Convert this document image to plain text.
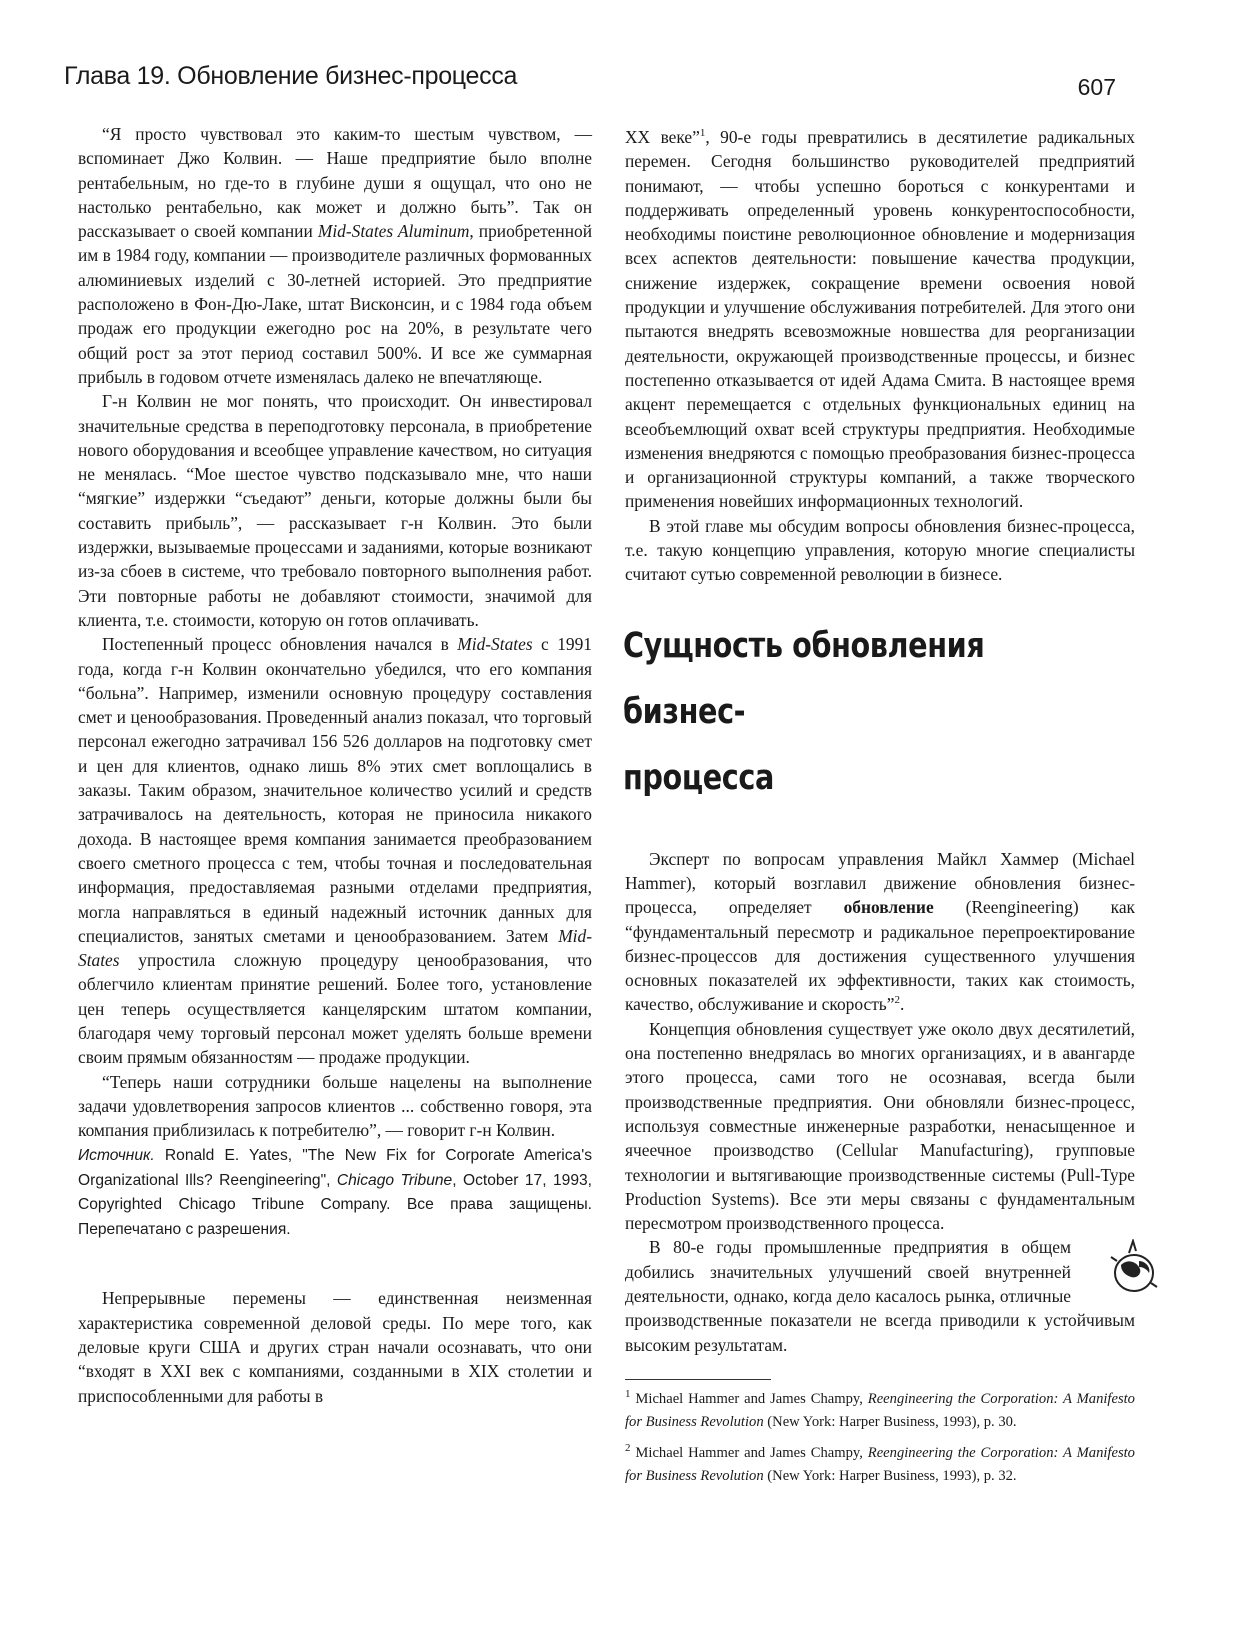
Глава 19. Обновление бизнес-процесса	607

“Я просто чувствовал это каким-то шестым чувством, — вспоминает Джо Колвин. — Наше предприятие было вполне рентабельным, но где-то в глубине души я ощущал, что оно не настолько рентабельно, как может и должно быть”. Так он рассказывает о своей компании Mid-States Aluminum, приобретенной им в 1984 году, компании — производителе различных формованных алюминиевых изделий с 30-летней историей. Это предприятие расположено в Фон-Дю-Лаке, штат Висконсин, и с 1984 года объем продаж его продукции ежегодно рос на 20%, в результате чего общий рост за этот период составил 500%. И все же суммарная прибыль в годовом отчете изменялась далеко не впечатляюще.

Г-н Колвин не мог понять, что происходит. Он инвестировал значительные средства в переподготовку персонала, в приобретение нового оборудования и всеобщее управление качеством, но ситуация не менялась. “Мое шестое чувство подсказывало мне, что наши “мягкие” издержки “съедают” деньги, которые должны были бы составить прибыль”, — рассказывает г-н Колвин. Это были издержки, вызываемые процессами и заданиями, которые возникают из-за сбоев в системе, что требовало повторного выполнения работ. Эти повторные работы не добавляют стоимости, значимой для клиента, т.е. стоимости, которую он готов оплачивать.

Постепенный процесс обновления начался в Mid-States с 1991 года, когда г-н Колвин окончательно убедился, что его компания “больна”. Например, изменили основную процедуру составления смет и ценообразования. Проведенный анализ показал, что торговый персонал ежегодно затрачивал 156 526 долларов на подготовку смет и цен для клиентов, однако лишь 8% этих смет воплощались в заказы. Таким образом, значительное количество усилий и средств затрачивалось на деятельность, которая не приносила никакого дохода. В настоящее время компания занимается преобразованием своего сметного процесса с тем, чтобы точная и последовательная информация, предоставляемая разными отделами предприятия, могла направляться в единый надежный источник данных для специалистов, занятых сметами и ценообразованием. Затем Mid-States упростила сложную процедуру ценообразования, что облегчило клиентам принятие решений. Более того, установление цен теперь осуществляется канцелярским штатом компании, благодаря чему торговый персонал может уделять больше времени своим прямым обязанностям — продаже продукции.

“Теперь наши сотрудники больше нацелены на выполнение задачи удовлетворения запросов клиентов ... собственно говоря, эта компания приблизилась к потребителю”, — говорит г-н Колвин.

Источник. Ronald E. Yates, "The New Fix for Corporate America's Organizational Ills? Reengineering", Chicago Tribune, October 17, 1993, Copyrighted Chicago Tribune Company. Все права защищены. Перепечатано с разрешения.

Непрерывные перемены — единственная неизменная характеристика современной деловой среды. По мере того, как деловые круги США и других стран начали осознавать, что они “входят в XXI век с компаниями, созданными в XIX столетии и приспособленными для работы в

XX веке”$^1$, 90-е годы превратились в десятилетие радикальных перемен. Сегодня большинство руководителей предприятий понимают, — чтобы успешно бороться с конкурентами и поддерживать определенный уровень конкурентоспособности, необходимы поистине революционное обновление и модернизация всех аспектов деятельности: повышение качества продукции, снижение издержек, сокращение времени освоения новой продукции и улучшение обслуживания потребителей. Для этого они пытаются внедрять всевозможные новшества для реорганизации деятельности, окружающей производственные процессы, и бизнес постепенно отказывается от идей Адама Смита. В настоящее время акцент перемещается с отдельных функциональных единиц на всеобъемлющий охват всей структуры предприятия. Необходимые изменения внедряются с помощью преобразования бизнес-процесса и организационной структуры компаний, а также творческого применения новейших информационных технологий.

В этой главе мы обсудим вопросы обновления бизнес-процесса, т.е. такую концепцию управления, которую многие специалисты считают сутью современной революции в бизнесе.

Сущность обновления бизнес-
процесса

Эксперт по вопросам управления Майкл Хаммер (Michael Hammer), который возглавил движение обновления бизнес-процесса, определяет обновление (Reengineering) как “фундаментальный пересмотр и радикальное перепроектирование бизнес-процессов для достижения существенного улучшения основных показателей их эффективности, таких как стоимость, качество, обслуживание и скорость”$^2$.

Концепция обновления существует уже около двух десятилетий, она постепенно внедрялась во многих организациях, и в авангарде этого процесса, сами того не осознавая, всегда были производственные предприятия. Они обновляли бизнес-процесс, используя совместные инженерные разработки, ненасыщенное и ячеечное производство (Cellular Manufacturing), групповые технологии и вытягивающие производственные системы (Pull-Type Production Systems). Все эти меры связаны с фундаментальным пересмотром производственного процесса.

В 80-е годы промышленные предприятия в общем добились значительных улучшений своей внутренней деятельности, однако, когда дело касалось рынка, отличные производственные показатели не всегда приводили к устойчивым высоким результатам.

$^1$ Michael Hammer and James Champy, Reengineering the Corporation: A Manifesto for Business Revolution (New York: Harper Business, 1993), p. 30.

$^2$ Michael Hammer and James Champy, Reengineering the Corporation: A Manifesto for Business Revolution (New York: Harper Business, 1993), p. 32.
